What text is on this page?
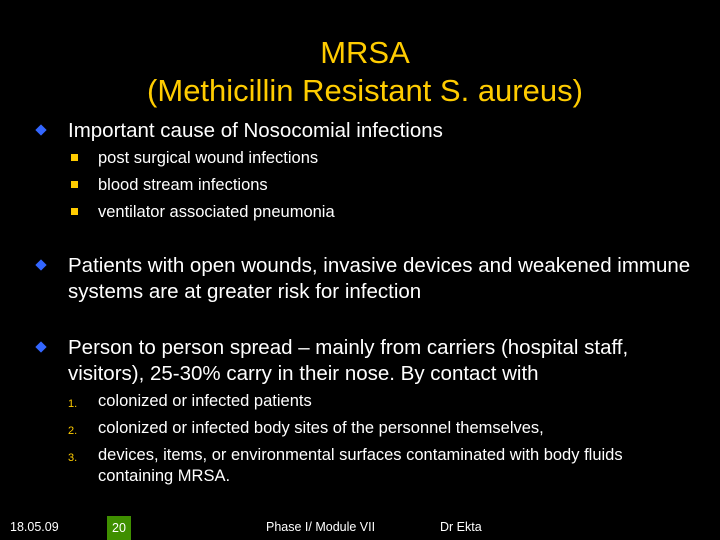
MRSA
(Methicillin Resistant S. aureus)
Important cause of Nosocomial infections
post surgical wound infections
blood stream infections
ventilator associated pneumonia
Patients with open wounds, invasive devices and weakened immune systems are at greater risk for infection
Person to person spread – mainly from carriers (hospital staff, visitors), 25-30% carry in their nose. By contact with
1.	colonized or infected patients
2.	colonized or infected body sites of the personnel themselves,
3.	devices, items, or environmental surfaces contaminated with body fluids containing MRSA.
18.05.09	20	Phase I/ Module VII	Dr Ekta
